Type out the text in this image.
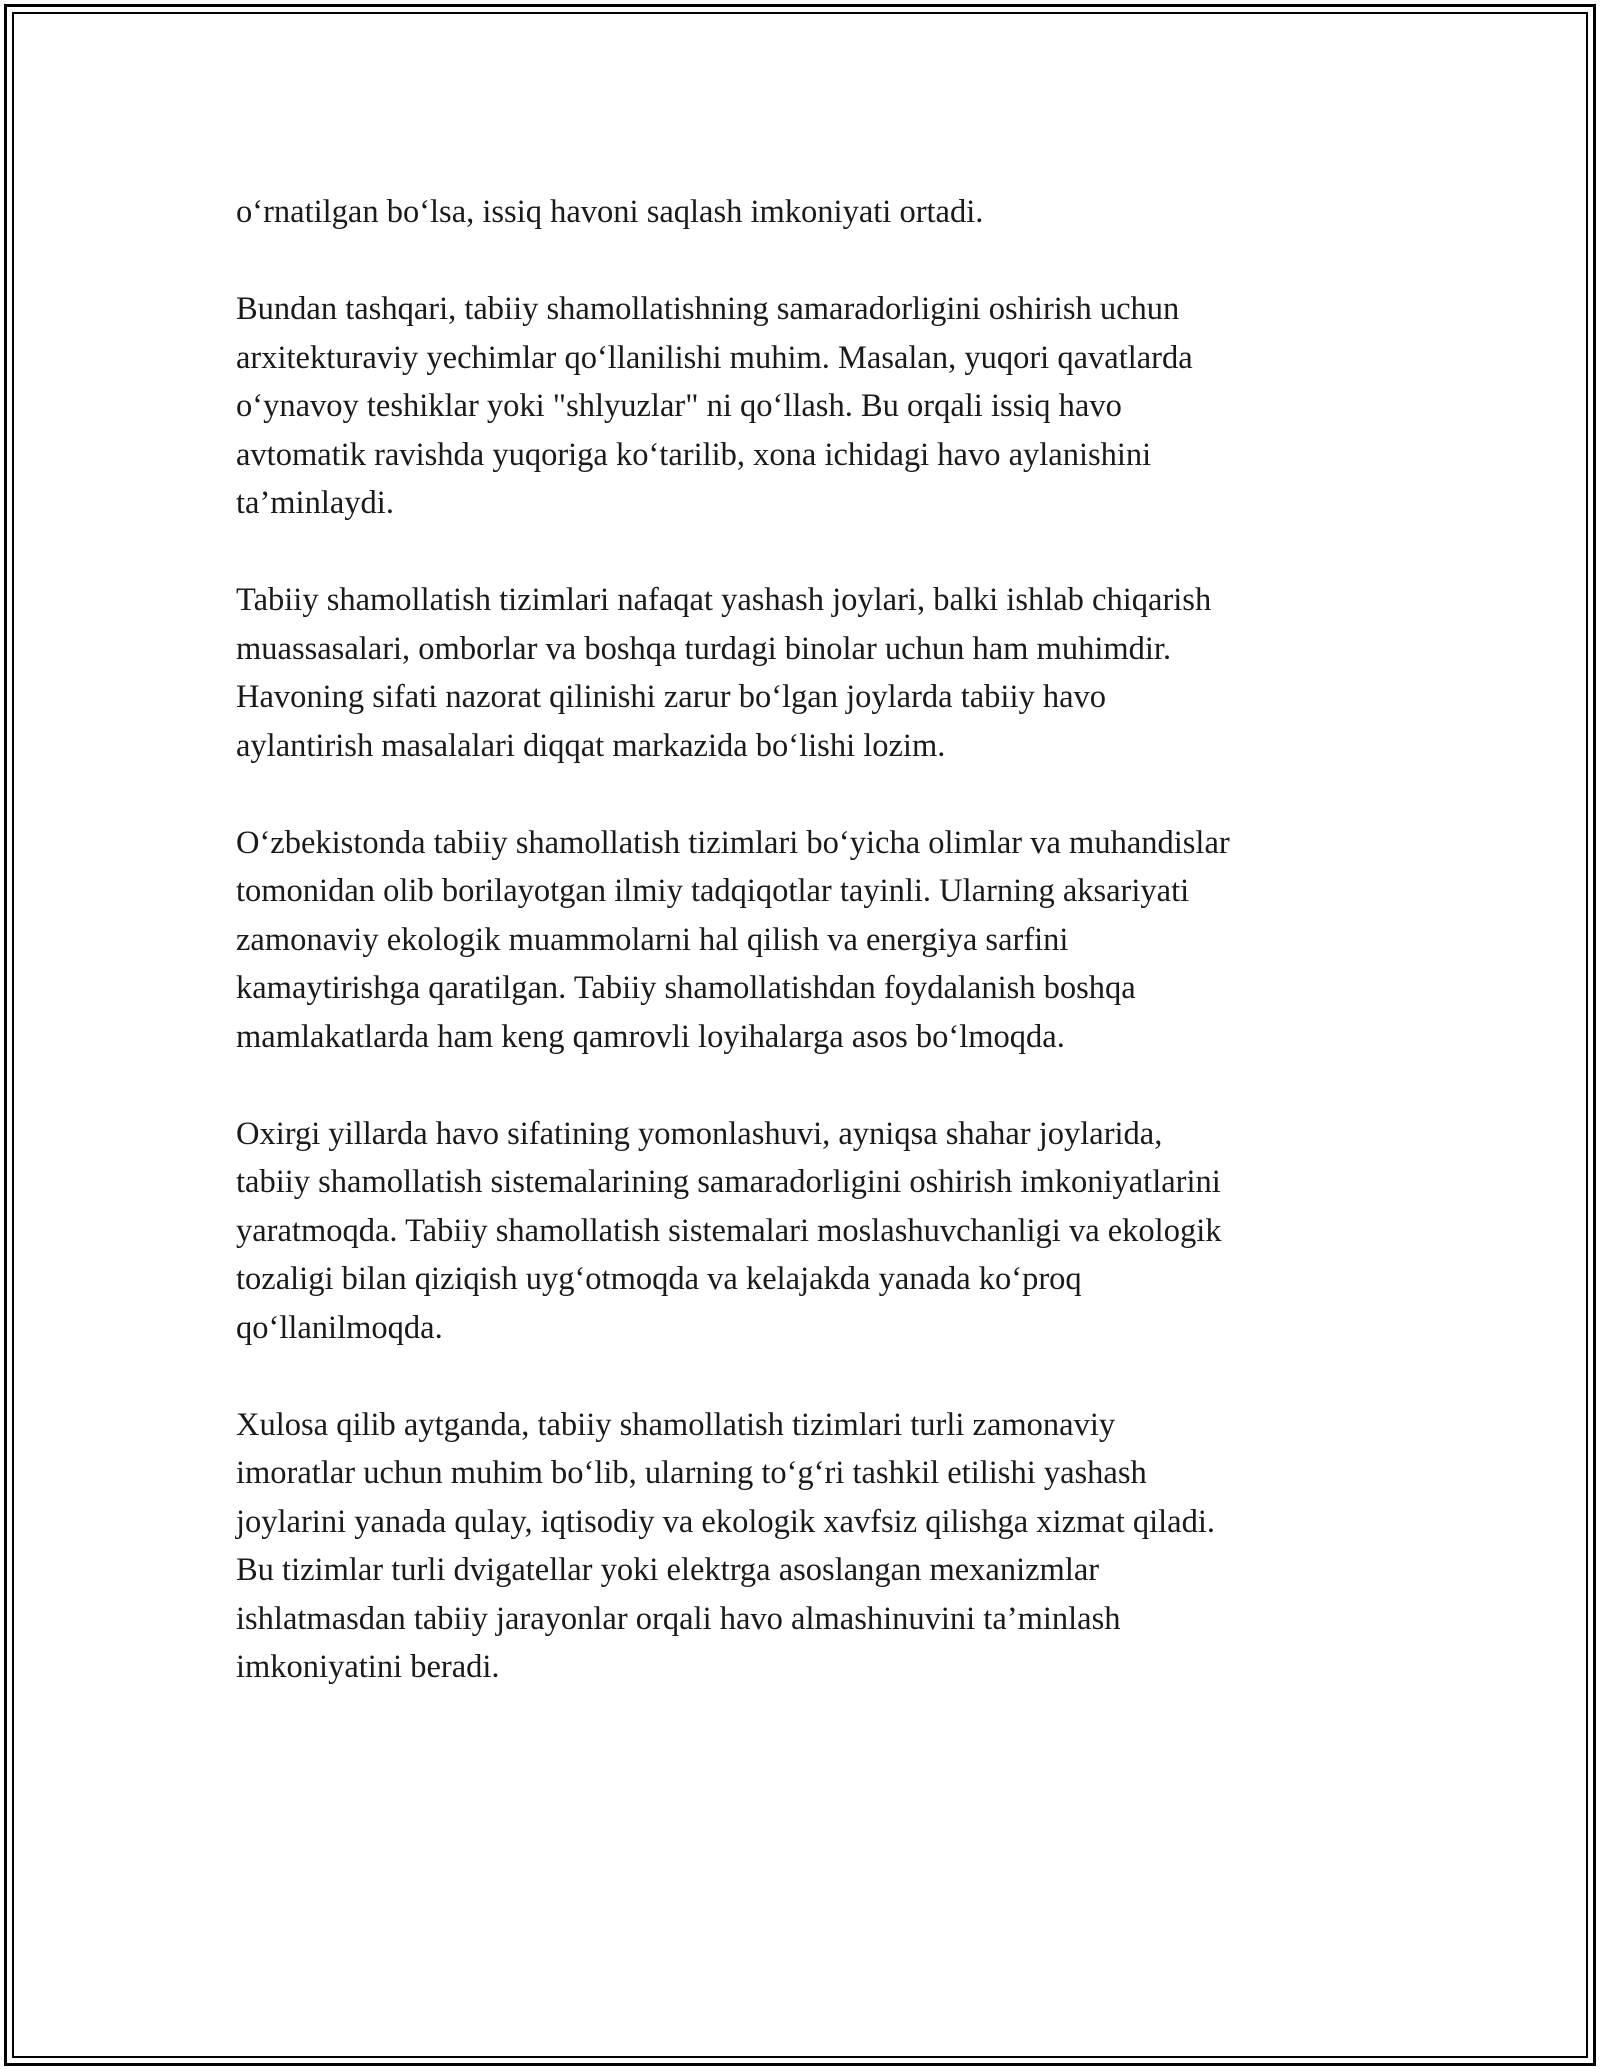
o‘rnatilgan bo‘lsa, issiq havoni saqlash imkoniyati ortadi.

Bundan tashqari, tabiiy shamollatishning samaradorligini oshirish uchun
arxitekturaviy yechimlar qo‘llanilishi muhim. Masalan, yuqori qavatlarda
o‘ynavoy teshiklar yoki "shlyuzlar" ni qo‘llash. Bu orqali issiq havo
avtomatik ravishda yuqoriga ko‘tarilib, xona ichidagi havo aylanishini
ta’minlaydi.

Tabiiy shamollatish tizimlari nafaqat yashash joylari, balki ishlab chiqarish
muassasalari, omborlar va boshqa turdagi binolar uchun ham muhimdir.
Havoning sifati nazorat qilinishi zarur bo‘lgan joylarda tabiiy havo
aylantirish masalalari diqqat markazida bo‘lishi lozim.

O‘zbekistonda tabiiy shamollatish tizimlari bo‘yicha olimlar va muhandislar
tomonidan olib borilayotgan ilmiy tadqiqotlar tayinli. Ularning aksariyati
zamonaviy ekologik muammolarni hal qilish va energiya sarfini
kamaytirishga qaratilgan. Tabiiy shamollatishdan foydalanish boshqa
mamlakatlarda ham keng qamrovli loyihalarga asos bo‘lmoqda.

Oxirgi yillarda havo sifatining yomonlashuvi, ayniqsa shahar joylarida,
tabiiy shamollatish sistemalarining samaradorligini oshirish imkoniyatlarini
yaratmoqda. Tabiiy shamollatish sistemalari moslashuvchanligi va ekologik
tozaligi bilan qiziqish uyg‘otmoqda va kelajakda yanada ko‘proq
qo‘llanilmoqda.

Xulosa qilib aytganda, tabiiy shamollatish tizimlari turli zamonaviy
imoratlar uchun muhim bo‘lib, ularning to‘g‘ri tashkil etilishi yashash
joylarini yanada qulay, iqtisodiy va ekologik xavfsiz qilishga xizmat qiladi.
Bu tizimlar turli dvigatellar yoki elektrga asoslangan mexanizmlar
ishlatmasdan tabiiy jarayonlar orqali havo almashinuvini ta’minlash
imkoniyatini beradi.
